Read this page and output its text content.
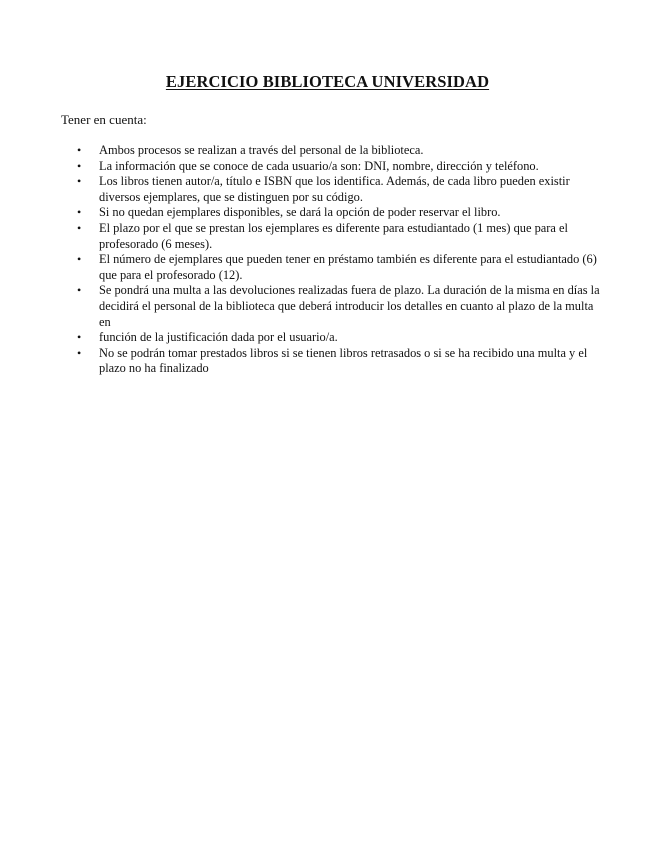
EJERCICIO BIBLIOTECA UNIVERSIDAD

Tener en cuenta:

• Ambos procesos se realizan a través del personal de la biblioteca.
• La información que se conoce de cada usuario/a son: DNI, nombre, dirección y teléfono.
• Los libros tienen autor/a, título e ISBN que los identifica. Además, de cada libro pueden existir diversos ejemplares, que se distinguen por su código.
• Si no quedan ejemplares disponibles, se dará la opción de poder reservar el libro.
• El plazo por el que se prestan los ejemplares es diferente para estudiantado (1 mes) que para el profesorado (6 meses).
• El número de ejemplares que pueden tener en préstamo también es diferente para el estudiantado (6) que para el profesorado (12).
• Se pondrá una multa a las devoluciones realizadas fuera de plazo. La duración de la misma en días la decidirá el personal de la biblioteca que deberá introducir los detalles en cuanto al plazo de la multa en
• función de la justificación dada por el usuario/a.
• No se podrán tomar prestados libros si se tienen libros retrasados o si se ha recibido una multa y el plazo no ha finalizado
